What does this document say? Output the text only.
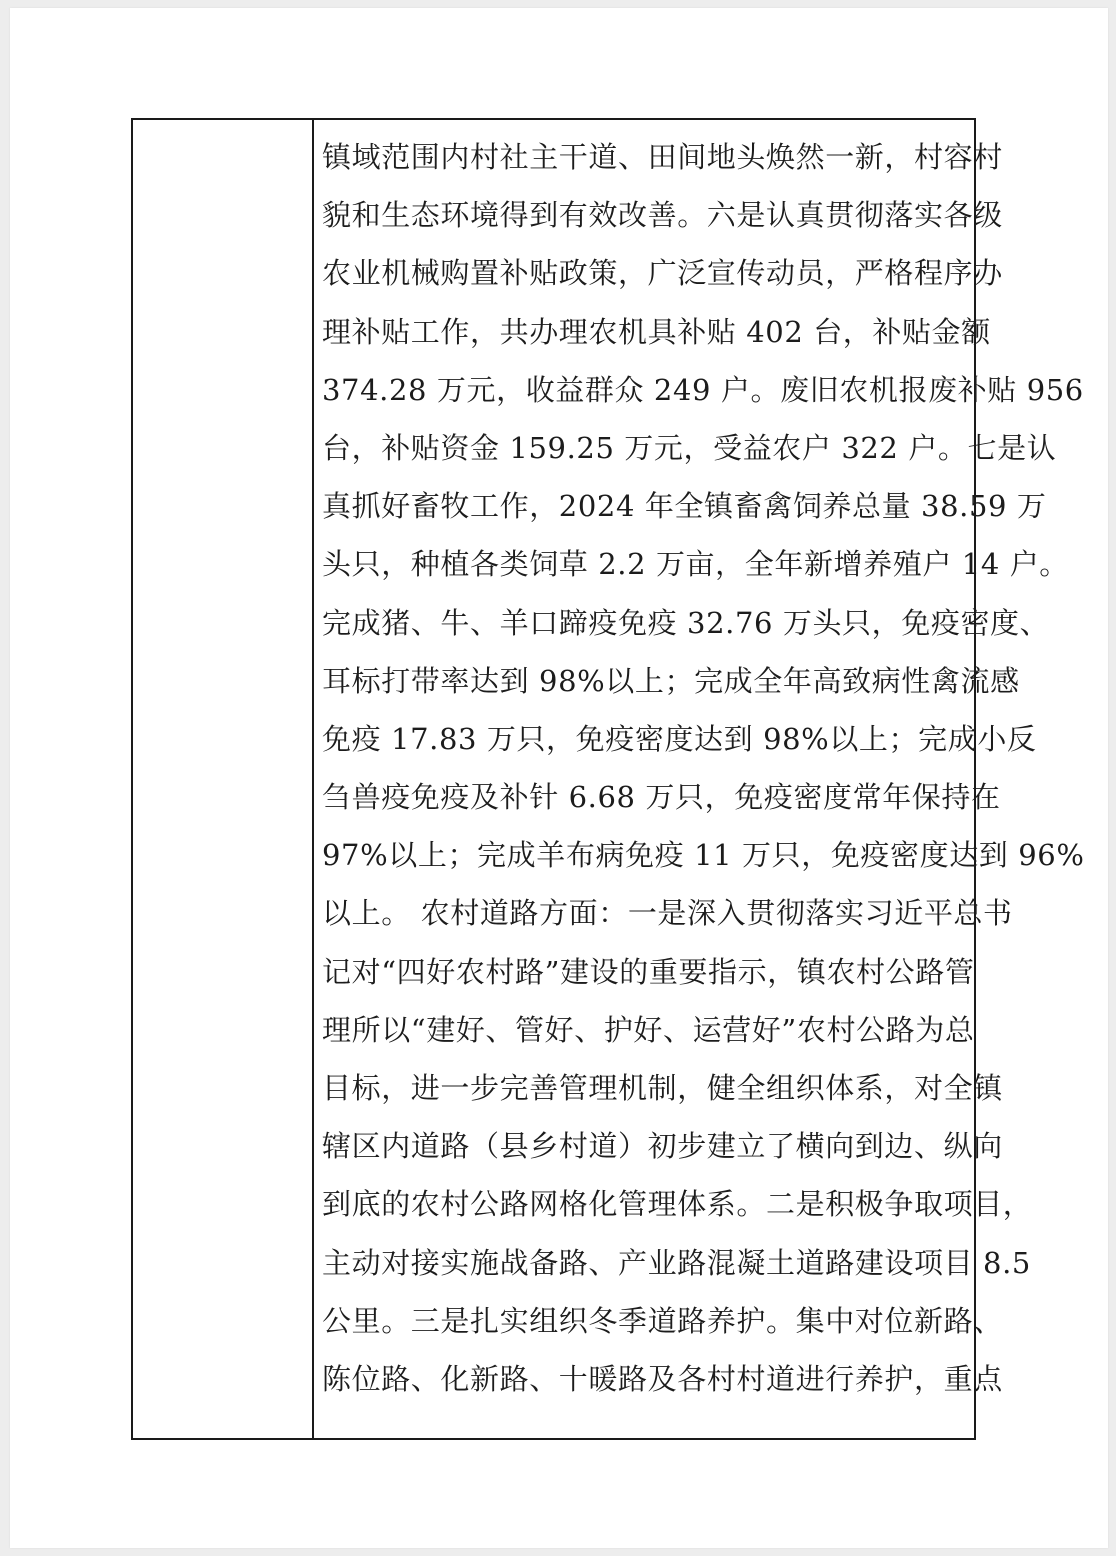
镇域范围内村社主干道、田间地头焕然一新，村容村
貌和生态环境得到有效改善。六是认真贯彻落实各级
农业机械购置补贴政策，广泛宣传动员，严格程序办
理补贴工作，共办理农机具补贴 402 台，补贴金额
374.28 万元，收益群众 249 户。废旧农机报废补贴 956
台，补贴资金 159.25 万元，受益农户 322 户。七是认
真抓好畜牧工作，2024 年全镇畜禽饲养总量 38.59 万
头只，种植各类饲草 2.2 万亩，全年新增养殖户 14 户。
完成猪、牛、羊口蹄疫免疫 32.76 万头只，免疫密度、
耳标打带率达到 98%以上；完成全年高致病性禽流感
免疫 17.83 万只，免疫密度达到 98%以上；完成小反
刍兽疫免疫及补针 6.68 万只，免疫密度常年保持在
97%以上；完成羊布病免疫 11 万只，免疫密度达到 96%
以上。 农村道路方面：一是深入贯彻落实习近平总书
记对“四好农村路”建设的重要指示，镇农村公路管
理所以“建好、管好、护好、运营好”农村公路为总
目标，进一步完善管理机制，健全组织体系，对全镇
辖区内道路（县乡村道）初步建立了横向到边、纵向
到底的农村公路网格化管理体系。二是积极争取项目，
主动对接实施战备路、产业路混凝土道路建设项目 8.5
公里。三是扎实组织冬季道路养护。集中对位新路、
陈位路、化新路、十暖路及各村村道进行养护，重点
